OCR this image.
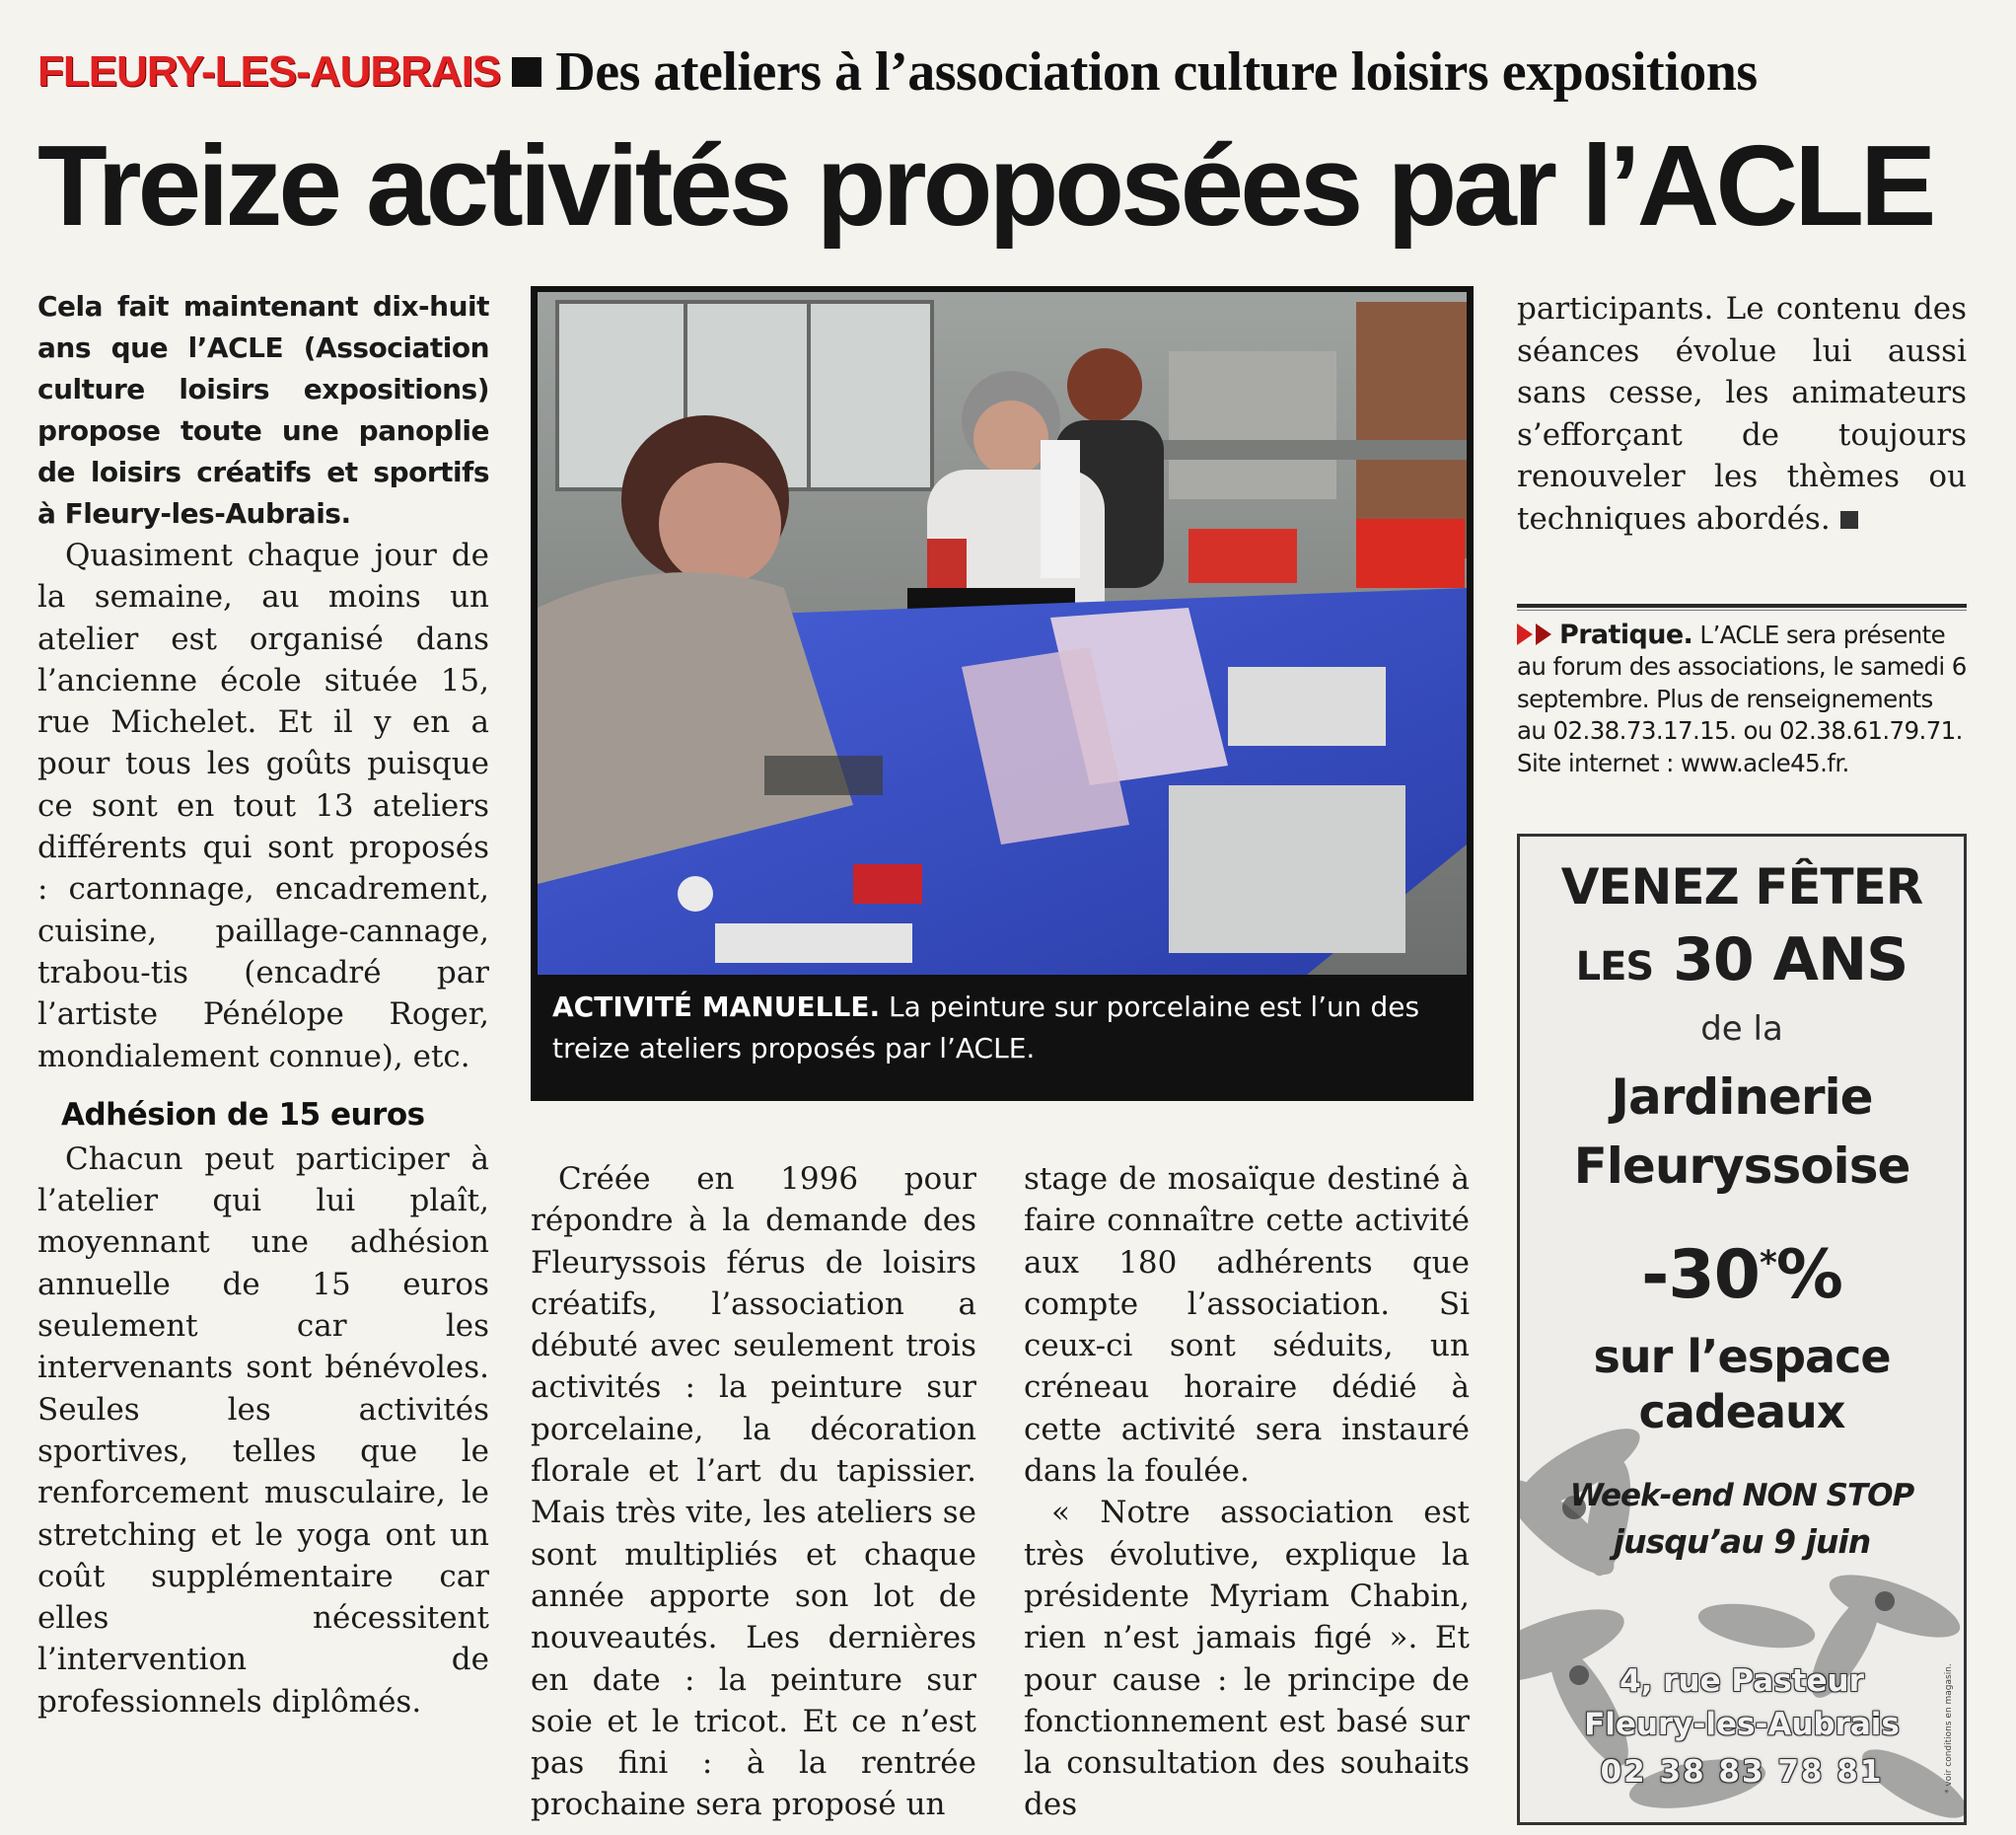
FLEURY-LES-AUBRAIS Des ateliers à l’association culture loisirs expositions
Treize activités proposées par l’ACLE

Cela fait maintenant dix-huit ans que l’ACLE (Association culture loisirs expositions) propose toute une panoplie de loisirs créatifs et sportifs à Fleury-les-Aubrais.

Quasiment chaque jour de la semaine, au moins un atelier est organisé dans l’ancienne école située 15, rue Michelet. Et il y en a pour tous les goûts puisque ce sont en tout 13 ateliers différents qui sont proposés : cartonnage, encadrement, cuisine, paillage-cannage, trabou-tis (encadré par l’artiste Pénélope Roger, mondialement connue), etc.

Adhésion de 15 euros

Chacun peut participer à l’atelier qui lui plaît, moyennant une adhésion annuelle de 15 euros seulement car les intervenants sont bénévoles. Seules les activités sportives, telles que le renforcement musculaire, le stretching et le yoga ont un coût supplémentaire car elles nécessitent l’intervention de professionnels diplômés.

ACTIVITÉ MANUELLE. La peinture sur porcelaine est l’un des treize ateliers proposés par l’ACLE.

Créée en 1996 pour répondre à la demande des Fleuryssois férus de loisirs créatifs, l’association a débuté avec seulement trois activités : la peinture sur porcelaine, la décoration florale et l’art du tapissier. Mais très vite, les ateliers se sont multipliés et chaque année apporte son lot de nouveautés. Les dernières en date : la peinture sur soie et le tricot. Et ce n’est pas fini : à la rentrée prochaine sera proposé un

stage de mosaïque destiné à faire connaître cette activité aux 180 adhérents que compte l’association. Si ceux-ci sont séduits, un créneau horaire dédié à cette activité sera instauré dans la foulée.

« Notre association est très évolutive, explique la présidente Myriam Chabin, rien n’est jamais figé ». Et pour cause : le principe de fonctionnement est basé sur la consultation des souhaits des

participants. Le contenu des séances évolue lui aussi sans cesse, les animateurs s’efforçant de toujours renouveler les thèmes ou techniques abordés.

Pratique. L’ACLE sera présente au forum des associations, le samedi 6 septembre. Plus de renseignements au 02.38.73.17.15. ou 02.38.61.79.71. Site internet : www.acle45.fr.
VENEZ FÊTER
LES 30 ANS
de la
Jardinerie
Fleuryssoise
-30*%
sur l’espace
cadeaux
Week-end NON STOP
jusqu’au 9 juin
4, rue Pasteur
Fleury-les-Aubrais
02 38 83 78 81	* voir conditions en magasin.
